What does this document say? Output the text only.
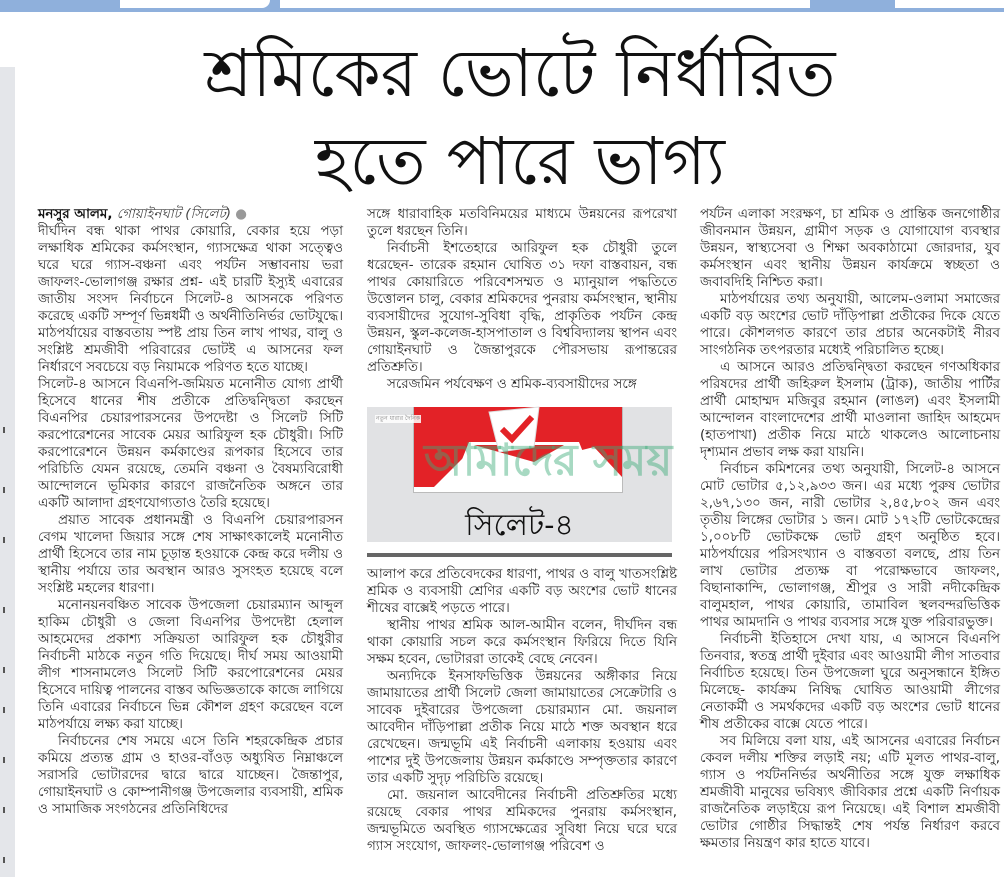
শ্রমিকের ভোটে নির্ধারিত
হতে পারে ভাগ্য

মনসুর আলম, গোয়াইনঘাট (সিলেট) ●

দীর্ঘদিন বন্ধ থাকা পাথর কোয়ারি, বেকার হয়ে পড়া লক্ষাধিক শ্রমিকের কর্মসংস্থান, গ্যাসক্ষেত্র থাকা সত্ত্বেও ঘরে ঘরে গ্যাস-বঞ্চনা এবং পর্যটন সম্ভাবনায় ভরা জাফলং-ভোলাগঞ্জ রক্ষার প্রশ্ন- এই চারটি ইস্যুই এবারের জাতীয় সংসদ নির্বাচনে সিলেট-৪ আসনকে পরিণত করেছে একটি সম্পূর্ণ ভিন্নধর্মী ও অর্থনীতিনির্ভর ভোটযুদ্ধে। মাঠপর্যায়ের বাস্তবতায় স্পষ্ট প্রায় তিন লাখ পাথর, বালু ও সংশ্লিষ্ট শ্রমজীবী পরিবারের ভোটই এ আসনের ফল নির্ধারণে সবচেয়ে বড় নিয়ামকে পরিণত হতে যাচ্ছে।

সিলেট-৪ আসনে বিএনপি-জমিয়ত মনোনীত যোগ্য প্রার্থী হিসেবে ধানের শীষ প্রতীকে প্রতিদ্বন্দ্বিতা করছেন বিএনপির চেয়ারপারসনের উপদেষ্টা ও সিলেট সিটি করপোরেশনের সাবেক মেয়র আরিফুল হক চৌধুরী। সিটি করপোরেশনে উন্নয়ন কর্মকাণ্ডের রূপকার হিসেবে তার পরিচিতি যেমন রয়েছে, তেমনি বঞ্চনা ও বৈষম্যবিরোধী আন্দোলনে ভূমিকার কারণে রাজনৈতিক অঙ্গনে তার একটি আলাদা গ্রহণযোগ্যতাও তৈরি হয়েছে।

প্রয়াত সাবেক প্রধানমন্ত্রী ও বিএনপি চেয়ারপারসন বেগম খালেদা জিয়ার সঙ্গে শেষ সাক্ষাৎকালেই মনোনীত প্রার্থী হিসেবে তার নাম চূড়ান্ত হওয়াকে কেন্দ্র করে দলীয় ও স্থানীয় পর্যায়ে তার অবস্থান আরও সুসংহত হয়েছে বলে সংশ্লিষ্ট মহলের ধারণা।

মনোনয়নবঞ্চিত সাবেক উপজেলা চেয়ারম্যান আব্দুল হাকিম চৌধুরী ও জেলা বিএনপির উপদেষ্টা হেলাল আহমেদের প্রকাশ্য সক্রিয়তা আরিফুল হক চৌধুরীর নির্বাচনী মাঠকে নতুন গতি দিয়েছে। দীর্ঘ সময় আওয়ামী লীগ শাসনামলেও সিলেট সিটি করপোরেশনের মেয়র হিসেবে দায়িত্ব পালনের বাস্তব অভিজ্ঞতাকে কাজে লাগিয়ে তিনি এবারের নির্বাচনে ভিন্ন কৌশল গ্রহণ করেছেন বলে মাঠপর্যায়ে লক্ষ্য করা যাচ্ছে।

নির্বাচনের শেষ সময়ে এসে তিনি শহরকেন্দ্রিক প্রচার কমিয়ে প্রত্যন্ত গ্রাম ও হাওর-বাঁওড় অধ্যুষিত নিম্নাঞ্চলে সরাসরি ভোটারদের দ্বারে দ্বারে যাচ্ছেন। জৈন্তাপুর, গোয়াইনঘাট ও কোম্পানীগঞ্জ উপজেলার ব্যবসায়ী, শ্রমিক ও সামাজিক সংগঠনের প্রতিনিধিদের

সঙ্গে ধারাবাহিক মতবিনিময়ের মাধ্যমে উন্নয়নের রূপরেখা তুলে ধরছেন তিনি।

নির্বাচনী ইশতেহারে আরিফুল হক চৌধুরী তুলে ধরেছেন- তারেক রহমান ঘোষিত ৩১ দফা বাস্তবায়ন, বন্ধ পাথর কোয়ারিতে পরিবেশসম্মত ও ম্যানুয়াল পদ্ধতিতে উত্তোলন চালু, বেকার শ্রমিকদের পুনরায় কর্মসংস্থান, স্থানীয় ব্যবসায়ীদের সুযোগ-সুবিধা বৃদ্ধি, প্রাকৃতিক পর্যটন কেন্দ্র উন্নয়ন, স্কুল-কলেজ-হাসপাতাল ও বিশ্ববিদ্যালয় স্থাপন এবং গোয়াইনঘাট ও জৈন্তাপুরকে পৌরসভায় রূপান্তরের প্রতিশ্রুতি।

সরেজমিন পর্যবেক্ষণ ও শ্রমিক-ব্যবসায়ীদের সঙ্গে

আমাদের সময়
নতুন ধারার দৈনিক
সিলেট-৪

আলাপ করে প্রতিবেদকের ধারণা, পাথর ও বালু খাতসংশ্লিষ্ট শ্রমিক ও ব্যবসায়ী শ্রেণির একটি বড় অংশের ভোট ধানের শীষের বাক্সেই পড়তে পারে।

স্থানীয় পাথর শ্রমিক আল-আমীন বলেন, দীর্ঘদিন বন্ধ থাকা কোয়ারি সচল করে কর্মসংস্থান ফিরিয়ে দিতে যিনি সক্ষম হবেন, ভোটাররা তাকেই বেছে নেবেন।

অন্যদিকে ইনসাফভিত্তিক উন্নয়নের অঙ্গীকার নিয়ে জামায়াতের প্রার্থী সিলেট জেলা জামায়াতের সেক্রেটারি ও সাবেক দুইবারের উপজেলা চেয়ারম্যান মো. জয়নাল আবেদীন দাঁড়িপাল্লা প্রতীক নিয়ে মাঠে শক্ত অবস্থান ধরে রেখেছেন। জন্মভূমি এই নির্বাচনী এলাকায় হওয়ায় এবং পাশের দুই উপজেলায় উন্নয়ন কর্মকাণ্ডে সম্পৃক্ততার কারণে তার একটি সুদৃঢ় পরিচিতি রয়েছে।

মো. জয়নাল আবেদীনের নির্বাচনী প্রতিশ্রুতির মধ্যে রয়েছে বেকার পাথর শ্রমিকদের পুনরায় কর্মসংস্থান, জন্মভূমিতে অবস্থিত গ্যাসক্ষেত্রের সুবিধা নিয়ে ঘরে ঘরে গ্যাস সংযোগ, জাফলং-ভোলাগঞ্জ পরিবেশ ও

পর্যটন এলাকা সংরক্ষণ, চা শ্রমিক ও প্রান্তিক জনগোষ্ঠীর জীবনমান উন্নয়ন, গ্রামীণ সড়ক ও যোগাযোগ ব্যবস্থার উন্নয়ন, স্বাস্থ্যসেবা ও শিক্ষা অবকাঠামো জোরদার, যুব কর্মসংস্থান এবং স্থানীয় উন্নয়ন কার্যক্রমে স্বচ্ছতা ও জবাবদিহি নিশ্চিত করা।

মাঠপর্যায়ের তথ্য অনুযায়ী, আলেম-ওলামা সমাজের একটি বড় অংশের ভোট দাঁড়িপাল্লা প্রতীকের দিকে যেতে পারে। কৌশলগত কারণে তার প্রচার অনেকটাই নীরব সাংগঠনিক তৎপরতার মধ্যেই পরিচালিত হচ্ছে।

এ আসনে আরও প্রতিদ্বন্দ্বিতা করছেন গণঅধিকার পরিষদের প্রার্থী জহিরুল ইসলাম (ট্রাক), জাতীয় পার্টির প্রার্থী মোহাম্মদ মজিবুর রহমান (লাঙল) এবং ইসলামী আন্দোলন বাংলাদেশের প্রার্থী মাওলানা জাহিদ আহমেদ (হাতপাখা) প্রতীক নিয়ে মাঠে থাকলেও আলোচনায় দৃশ্যমান প্রভাব লক্ষ করা যায়নি।

নির্বাচন কমিশনের তথ্য অনুযায়ী, সিলেট-৪ আসনে মোট ভোটার ৫,১২,৯৩৩ জন। এর মধ্যে পুরুষ ভোটার ২,৬৭,১৩০ জন, নারী ভোটার ২,৪৫,৮০২ জন এবং তৃতীয় লিঙ্গের ভোটার ১ জন। মোট ১৭২টি ভোটকেন্দ্রের ১,০০৮টি ভোটকক্ষে ভোট গ্রহণ অনুষ্ঠিত হবে। মাঠপর্যায়ের পরিসংখ্যান ও বাস্তবতা বলছে, প্রায় তিন লাখ ভোটার প্রত্যক্ষ বা পরোক্ষভাবে জাফলং, বিছানাকান্দি, ভোলাগঞ্জ, শ্রীপুর ও সারী নদীকেন্দ্রিক বালুমহাল, পাথর কোয়ারি, তামাবিল স্থলবন্দরভিত্তিক পাথর আমদানি ও পাথর ব্যবসার সঙ্গে যুক্ত পরিবারভুক্ত।

নির্বাচনী ইতিহাসে দেখা যায়, এ আসনে বিএনপি তিনবার, স্বতন্ত্র প্রার্থী দুইবার এবং আওয়ামী লীগ সাতবার নির্বাচিত হয়েছে। তিন উপজেলা ঘুরে অনুসন্ধানে ইঙ্গিত মিলেছে- কার্যক্রম নিষিদ্ধ ঘোষিত আওয়ামী লীগের নেতাকর্মী ও সমর্থকদের একটি বড় অংশের ভোট ধানের শীষ প্রতীকের বাক্সে যেতে পারে।

সব মিলিয়ে বলা যায়, এই আসনের এবারের নির্বাচন কেবল দলীয় শক্তির লড়াই নয়; এটি মূলত পাথর-বালু, গ্যাস ও পর্যটননির্ভর অর্থনীতির সঙ্গে যুক্ত লক্ষাধিক শ্রমজীবী মানুষের ভবিষ্যৎ জীবিকার প্রশ্নে একটি নির্ণায়ক রাজনৈতিক লড়াইয়ে রূপ নিয়েছে। এই বিশাল শ্রমজীবী ভোটার গোষ্ঠীর সিদ্ধান্তই শেষ পর্যন্ত নির্ধারণ করবে ক্ষমতার নিয়ন্ত্রণ কার হাতে যাবে।
